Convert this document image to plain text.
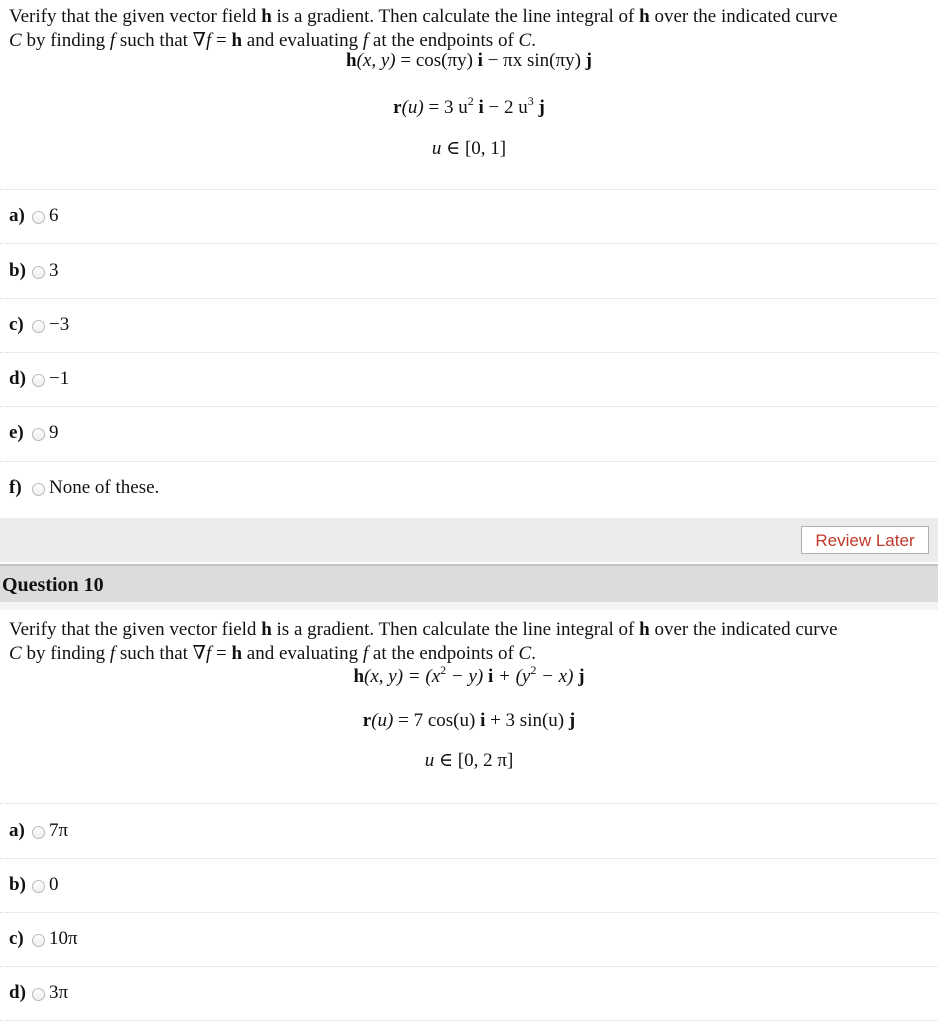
Verify that the given vector field h is a gradient. Then calculate the line integral of h over the indicated curve
C by finding f such that ∇f = h and evaluating f at the endpoints of C.
h(x, y) = cos(πy) i − πx sin(πy) j
r(u) = 3 $u^2$ i − 2 $u^3$ j
u ∈ [0, 1]
a)	6
b)	3
c)	−3
d)	−1
e)	9
f)	None of these.
Review Later
Question 10
Verify that the given vector field h is a gradient. Then calculate the line integral of h over the indicated curve
C by finding f such that ∇f = h and evaluating f at the endpoints of C.
h(x, $y) = (x^2 - y) i + (y^2 - x)$ j
r(u) = 7 cos(u) i + 3 sin(u) j
u ∈ [0, 2 π]
a)	7π
b)	0
c)	10π
d)	3π
